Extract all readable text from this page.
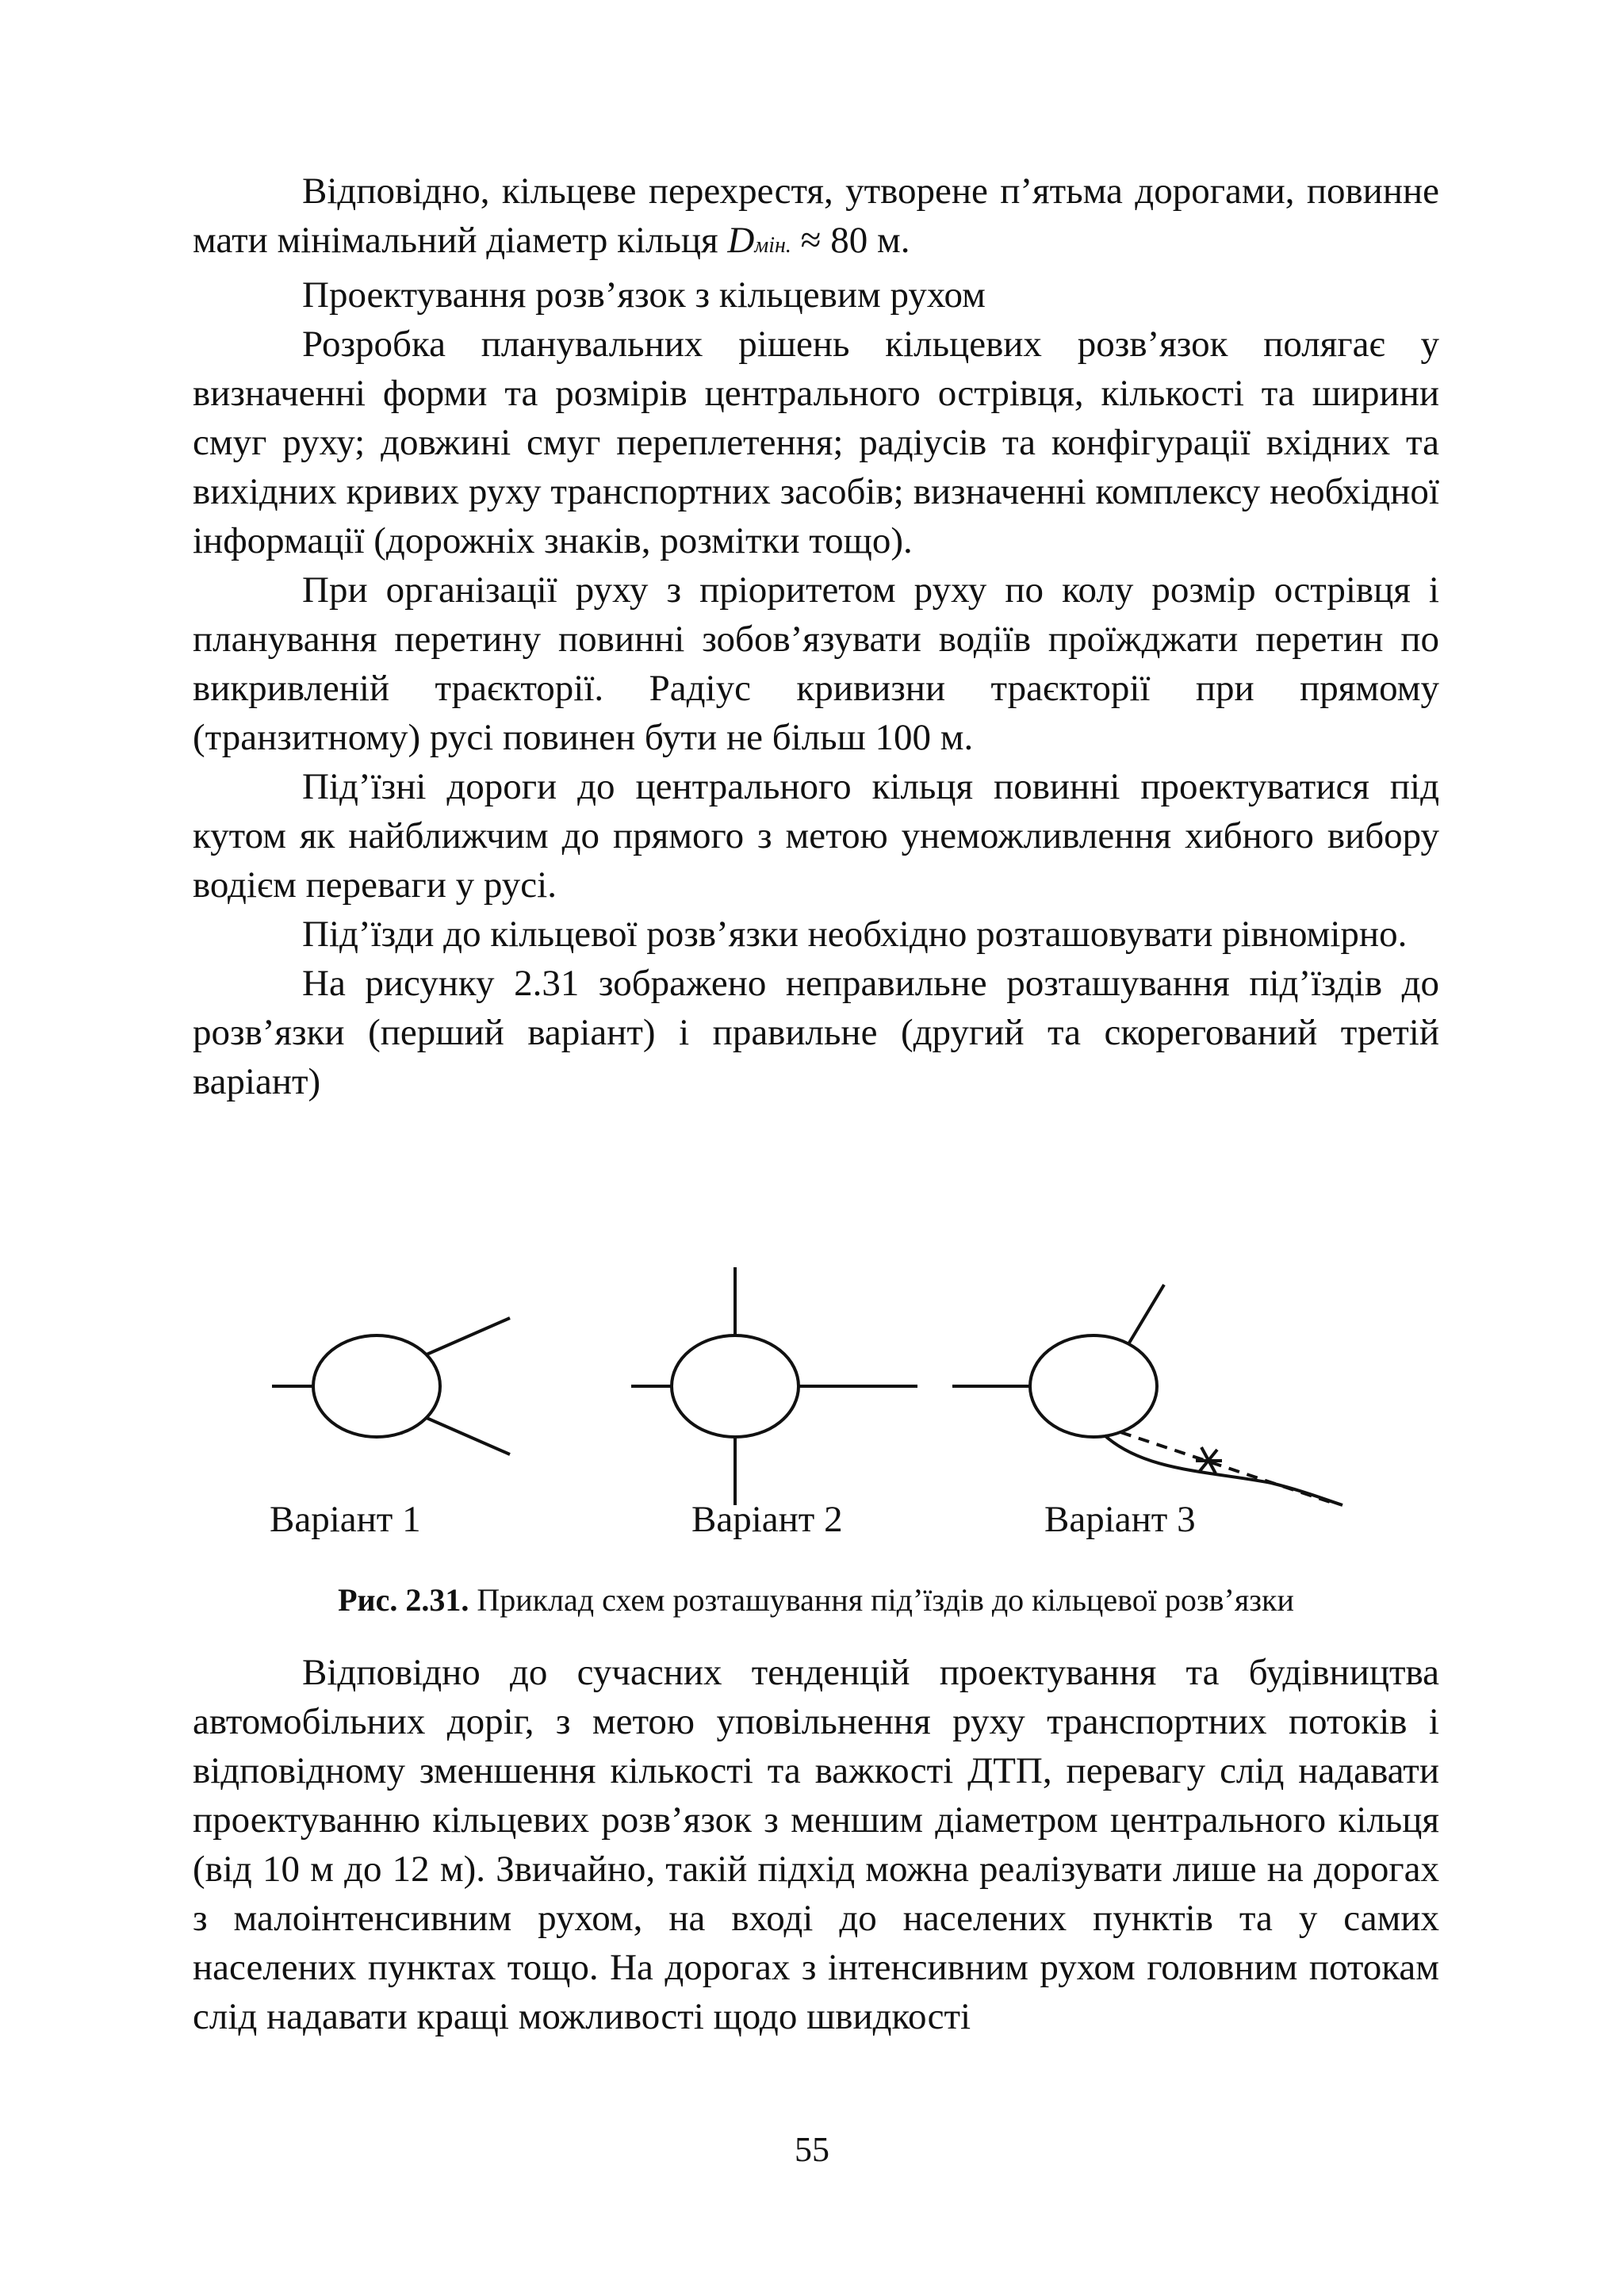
Відповідно, кільцеве перехрестя, утворене п’ятьма дорогами, повинне мати мінімальний діаметр кільця Dмін. ≈ 80 м.

Проектування розв’язок з кільцевим рухом

Розробка планувальних рішень кільцевих розв’язок полягає у визначенні форми та розмірів центрального острівця, кількості та ширини смуг руху; довжині смуг переплетення; радіусів та конфігурації вхідних та вихідних кривих руху транспортних засобів; визначенні комплексу необхідної інформації (дорожніх знаків, розмітки тощо).

При організації руху з пріоритетом руху по колу розмір острівця і планування перетину повинні зобов’язувати водіїв проїжджати перетин по викривленій траєкторії. Радіус кривизни траєкторії при прямому (транзитному) русі повинен бути не більш 100 м.

Під’їзні дороги до центрального кільця повинні проектуватися під кутом як найближчим до прямого з метою унеможливлення хибного вибору водієм переваги у русі.

Під’їзди до кільцевої розв’язки необхідно розташовувати рівномірно.

На рисунку 2.31 зображено неправильне розташування під’їздів до розв’язки (перший варіант) і правильне (другий та скорегований третій варіант)

Варіант 1	Варіант 2	Варіант 3
Рис. 2.31. Приклад схем розташування під’їздів до кільцевої розв’язки

Відповідно до сучасних тенденцій проектування та будівництва автомобільних доріг, з метою уповільнення руху транспортних потоків і відповідному зменшення кількості та важкості ДТП, перевагу слід надавати проектуванню кільцевих розв’язок з меншим діаметром центрального кільця (від 10 м до 12 м). Звичайно, такій підхід можна реалізувати лише на дорогах з малоінтенсивним рухом, на вході до населених пунктів та у самих населених пунктах тощо. На дорогах з інтенсивним рухом головним потокам слід надавати кращі можливості щодо швидкості

55
